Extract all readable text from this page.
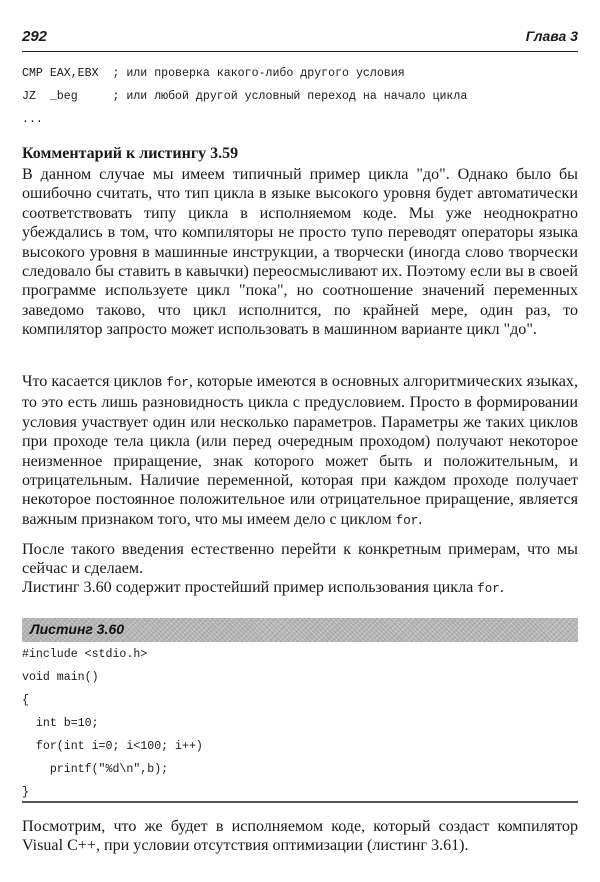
292	Глава 3
CMP EAX,EBX  ; или проверка какого-либо другого условия
JZ  _beg     ; или любой другой условный переход на начало цикла
...
Комментарий к листингу 3.59

В данном случае мы имеем типичный пример цикла "до". Однако было бы ошибочно считать, что тип цикла в языке высокого уровня будет автоматически соответствовать типу цикла в исполняемом коде. Мы уже неоднократно убеждались в том, что компиляторы не просто тупо переводят операторы языка высокого уровня в машинные инструкции, а творчески (иногда слово творчески следовало бы ставить в кавычки) переосмысливают их. Поэтому если вы в своей программе используете цикл "пока", но соотношение значений переменных заведомо таково, что цикл исполнится, по крайней мере, один раз, то компилятор запросто может использовать в машинном варианте цикл "до".

Что касается циклов for, которые имеются в основных алгоритмических языках, то это есть лишь разновидность цикла с предусловием. Просто в формировании условия участвует один или несколько параметров. Параметры же таких циклов при проходе тела цикла (или перед очередным проходом) получают некоторое неизменное приращение, знак которого может быть и положительным, и отрицательным. Наличие переменной, которая при каждом проходе получает некоторое постоянное положительное или отрицательное приращение, является важным признаком того, что мы имеем дело с циклом for.

После такого введения естественно перейти к конкретным примерам, что мы сейчас и сделаем.

Листинг 3.60 содержит простейший пример использования цикла for.

Листинг 3.60
#include <stdio.h>
void main()
{
int b=10;
for(int i=0; i<100; i++)
printf("%d\n",b);
}

Посмотрим, что же будет в исполняемом коде, который создаст компилятор Visual C++, при условии отсутствия оптимизации (листинг 3.61).
